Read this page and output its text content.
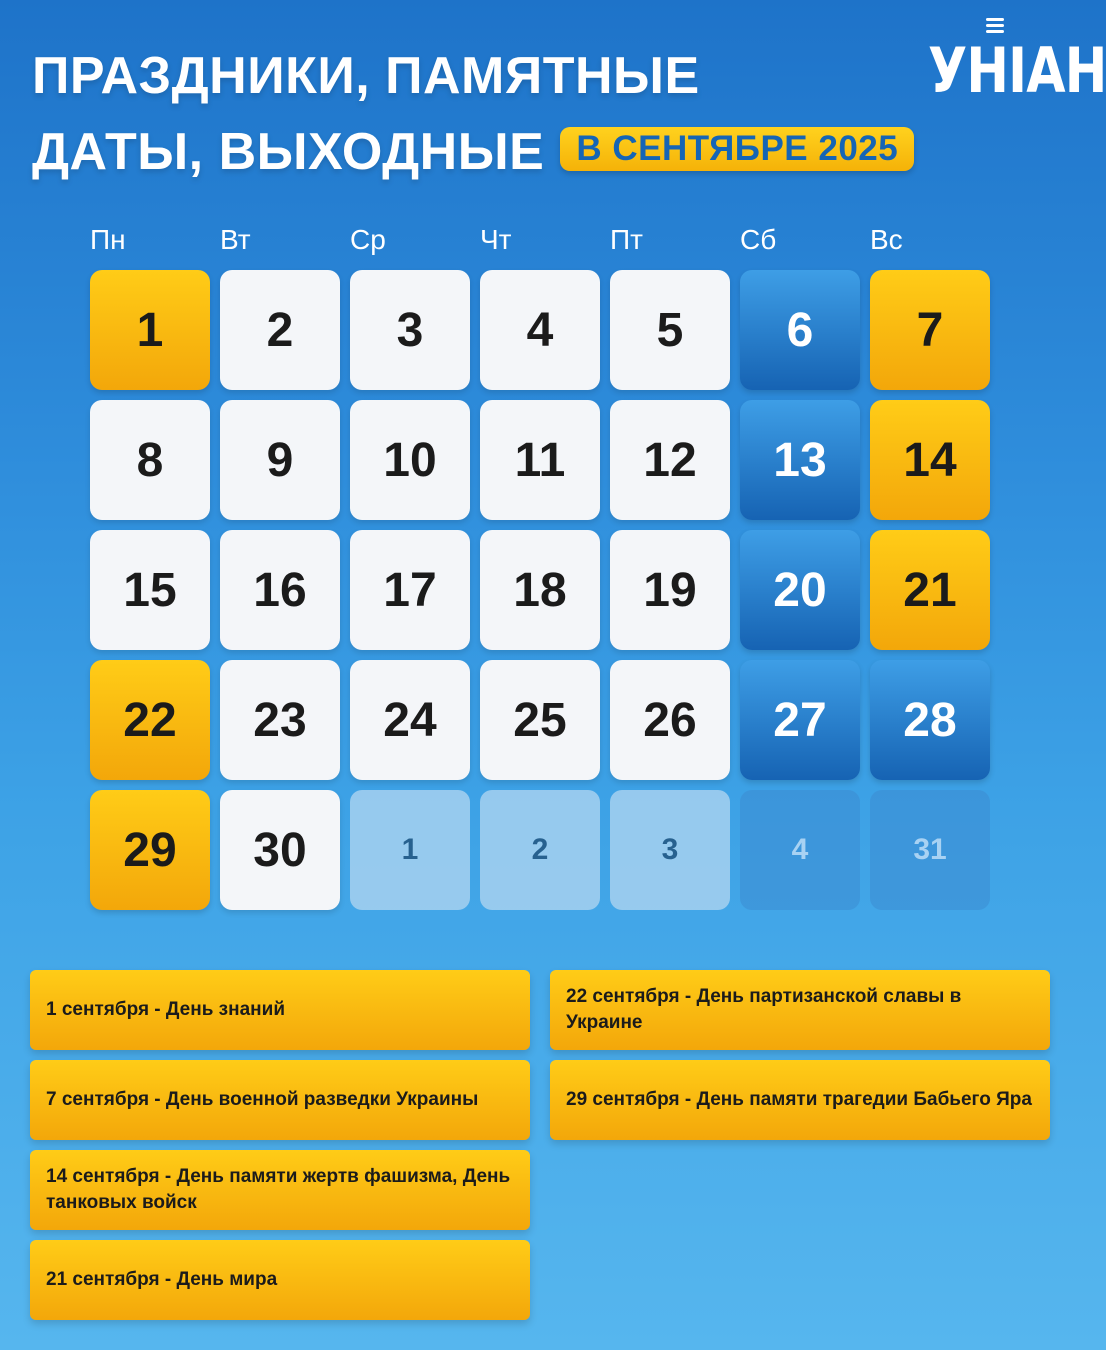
ПРАЗДНИКИ, ПАМЯТНЫЕ
ДАТЫ, ВЫХОДНЫЕ В СЕНТЯБРЕ 2025
УНІАН
Пн	Вт	Ср	Чт	Пт	Сб	Вс
1	2	3	4	5	6	7
8	9	10	11	12	13	14
15	16	17	18	19	20	21
22	23	24	25	26	27	28
29	30	1	2	3	4	31
1 сентября - День знаний
7 сентября - День военной разведки Украины
14 сентября - День памяти жертв фашизма, День танковых войск
21 сентября - День мира
22 сентября - День партизанской славы в Украине
29 сентября - День памяти трагедии Бабьего Яра
